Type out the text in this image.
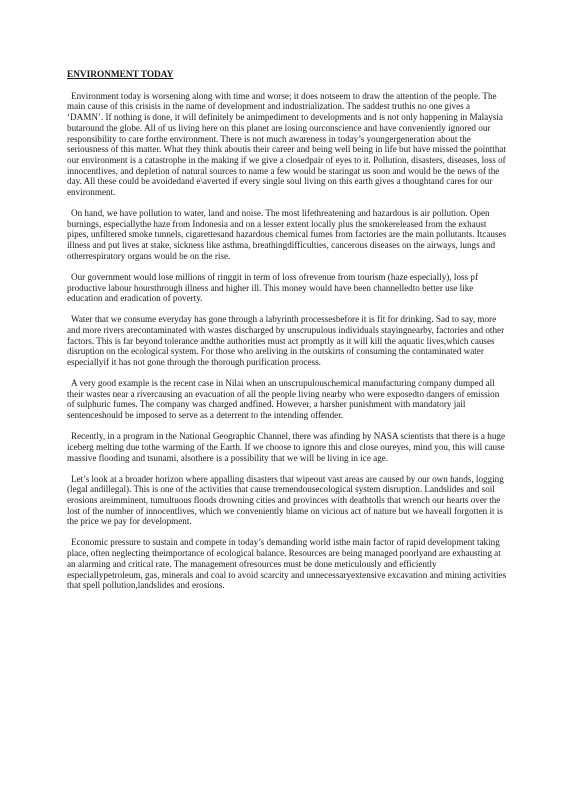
ENVIRONMENT TODAY

Environment today is worsening along with time and worse; it does notseem to draw the attention of the people. The main cause of this crisisis in the name of development and industrialization. The saddest truthis no one gives a ‘DAMN’. If nothing is done, it will definitely be animpediment to developments and is not only happening in Malaysia butaround the globe. All of us living here on this planet are losing ourconscience and have conveniently ignored our responsibility to care forthe environment. There is not much awareness in today’s youngergeneration about the seriousness of this matter. What they think aboutis their career and being well being in life but have missed the pointthat our environment is a catastrophe in the making if we give a closedpair of eyes to it. Pollution, disasters, diseases, loss of innocentlives, and depletion of natural sources to name a few would be staringat us soon and would be the news of the day. All these could be avoidedand e\averted if every single soul living on this earth gives a thoughtand cares for our environment.

On hand, we have pollution to water, land and noise. The most lifethreatening and hazardous is air pollution. Open burnings, especiallythe haze from Indonesia and on a lesser extent locally plus the smokereleased from the exhaust pipes, unfiltered smoke tunnels, cigarettesand hazardous chemical fumes from factories are the main pollutants. Itcauses illness and put lives at stake, sickness like asthma, breathingdifficulties, cancerous diseases on the airways, lungs and otherrespiratory organs would be on the rise.

Our government would lose millions of ringgit in term of loss ofrevenue from tourism (haze especially), loss pf productive labour hoursthrough illness and higher ill. This money would have been channelledto better use like education and eradication of poverty.

Water that we consume everyday has gone through a labyrinth processesbefore it is fit for drinking. Sad to say, more and more rivers arecontaminated with wastes discharged by unscrupulous individuals stayingnearby, factories and other factors. This is far beyond tolerance andthe authorities must act promptly as it will kill the aquatic lives,which causes disruption on the ecological system. For those who areliving in the outskirts of consuming the contaminated water especiallyif it has not gone through the thorough purification process.

A very good example is the recent case in Nilai when an unscrupulouschemical manufacturing company dumped all their wastes near a rivercausing an evacuation of all the people living nearby who were exposedto dangers of emission of sulphuric fumes. The company was charged andfined. However, a harsher punishment with mandatory jail sentenceshould be imposed to serve as a deterrent to the intending offender.

Recently, in a program in the National Geographic Channel, there was afinding by NASA scientists that there is a huge iceberg melting due tothe warming of the Earth. If we choose to ignore this and close oureyes, mind you, this will cause massive flooding and tsunami, alsothere is a possibility that we will be living in ice age.

Let’s look at a broader horizon where appalling disasters that wipeout vast areas are caused by our own hands, logging (legal andillegal). This is one of the activities that cause tremendousecological system disruption. Landslides and soil erosions areimminent, tumultuous floods drowning cities and provinces with deathtolls that wrench our hearts over the lost of the number of innocentlives, which we conveniently blame on vicious act of nature but we haveall forgotten it is the price we pay for development.

Economic pressure to sustain and compete in today’s demanding world isthe main factor of rapid development taking place, often neglecting theimportance of ecological balance. Resources are being managed poorlyand are exhausting at an alarming and critical rate. The management ofresources must be done meticulously and efficiently especiallypetroleum, gas, minerals and coal to avoid scarcity and unnecessaryextensive excavation and mining activities that spell pollution,landslides and erosions.
